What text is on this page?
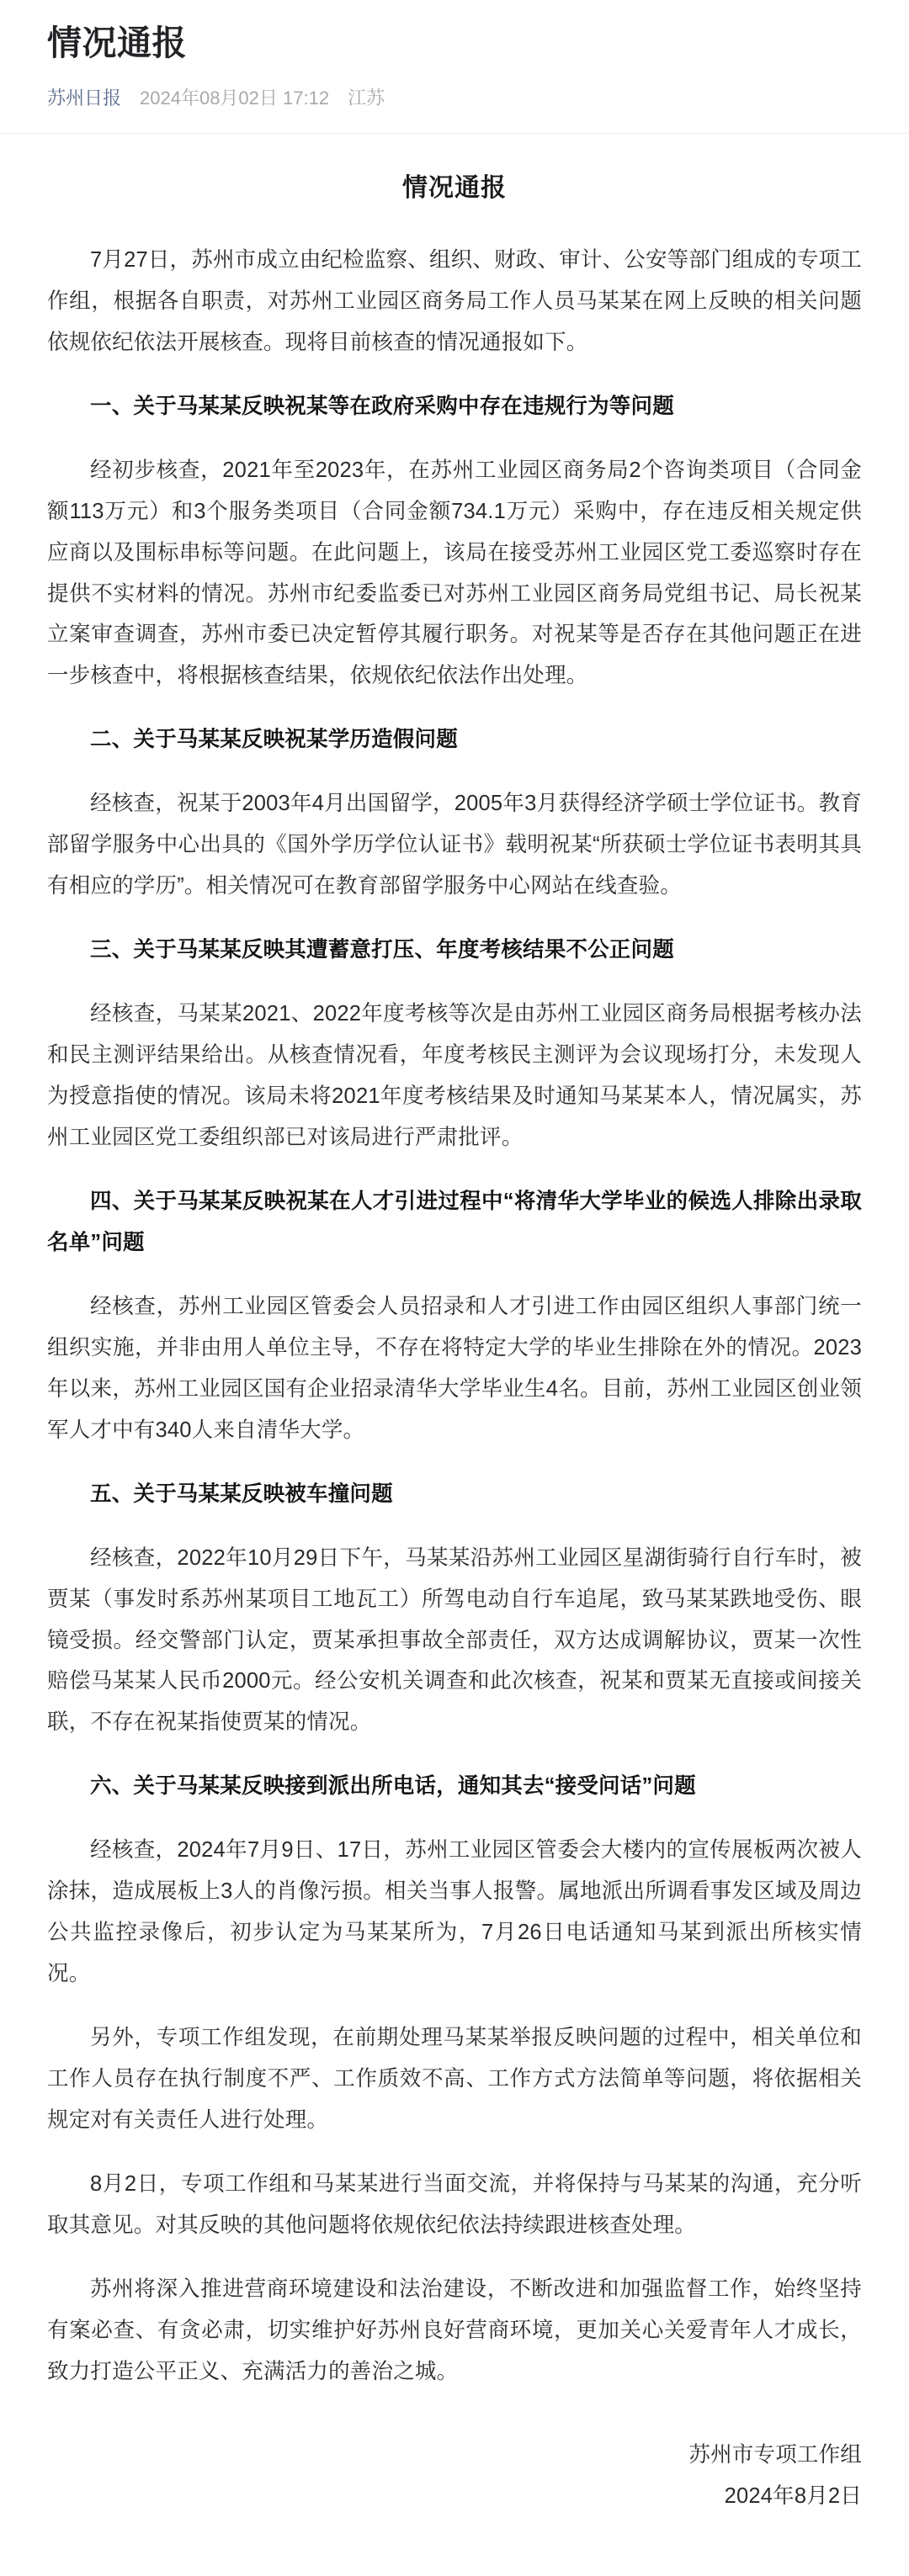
情况通报
苏州日报 2024年08月02日 17:12 江苏
情况通报

7月27日，苏州市成立由纪检监察、组织、财政、审计、公安等部门组成的专项工作组，根据各自职责，对苏州工业园区商务局工作人员马某某在网上反映的相关问题依规依纪依法开展核查。现将目前核查的情况通报如下。

一、关于马某某反映祝某等在政府采购中存在违规行为等问题

经初步核查，2021年至2023年，在苏州工业园区商务局2个咨询类项目（合同金额113万元）和3个服务类项目（合同金额734.1万元）采购中，存在违反相关规定供应商以及围标串标等问题。在此问题上，该局在接受苏州工业园区党工委巡察时存在提供不实材料的情况。苏州市纪委监委已对苏州工业园区商务局党组书记、局长祝某立案审查调查，苏州市委已决定暂停其履行职务。对祝某等是否存在其他问题正在进一步核查中，将根据核查结果，依规依纪依法作出处理。

二、关于马某某反映祝某学历造假问题

经核查，祝某于2003年4月出国留学，2005年3月获得经济学硕士学位证书。教育部留学服务中心出具的《国外学历学位认证书》载明祝某“所获硕士学位证书表明其具有相应的学历”。相关情况可在教育部留学服务中心网站在线查验。

三、关于马某某反映其遭蓄意打压、年度考核结果不公正问题

经核查，马某某2021、2022年度考核等次是由苏州工业园区商务局根据考核办法和民主测评结果给出。从核查情况看，年度考核民主测评为会议现场打分，未发现人为授意指使的情况。该局未将2021年度考核结果及时通知马某某本人，情况属实，苏州工业园区党工委组织部已对该局进行严肃批评。

四、关于马某某反映祝某在人才引进过程中“将清华大学毕业的候选人排除出录取名单”问题

经核查，苏州工业园区管委会人员招录和人才引进工作由园区组织人事部门统一组织实施，并非由用人单位主导，不存在将特定大学的毕业生排除在外的情况。2023年以来，苏州工业园区国有企业招录清华大学毕业生4名。目前，苏州工业园区创业领军人才中有340人来自清华大学。

五、关于马某某反映被车撞问题

经核查，2022年10月29日下午，马某某沿苏州工业园区星湖街骑行自行车时，被贾某（事发时系苏州某项目工地瓦工）所驾电动自行车追尾，致马某某跌地受伤、眼镜受损。经交警部门认定，贾某承担事故全部责任，双方达成调解协议，贾某一次性赔偿马某某人民币2000元。经公安机关调查和此次核查，祝某和贾某无直接或间接关联，不存在祝某指使贾某的情况。

六、关于马某某反映接到派出所电话，通知其去“接受问话”问题

经核查，2024年7月9日、17日，苏州工业园区管委会大楼内的宣传展板两次被人涂抹，造成展板上3人的肖像污损。相关当事人报警。属地派出所调看事发区域及周边公共监控录像后，初步认定为马某某所为，7月26日电话通知马某到派出所核实情况。

另外，专项工作组发现，在前期处理马某某举报反映问题的过程中，相关单位和工作人员存在执行制度不严、工作质效不高、工作方式方法简单等问题，将依据相关规定对有关责任人进行处理。

8月2日，专项工作组和马某某进行当面交流，并将保持与马某某的沟通，充分听取其意见。对其反映的其他问题将依规依纪依法持续跟进核查处理。

苏州将深入推进营商环境建设和法治建设，不断改进和加强监督工作，始终坚持有案必查、有贪必肃，切实维护好苏州良好营商环境，更加关心关爱青年人才成长，致力打造公平正义、充满活力的善治之城。

苏州市专项工作组
2024年8月2日
